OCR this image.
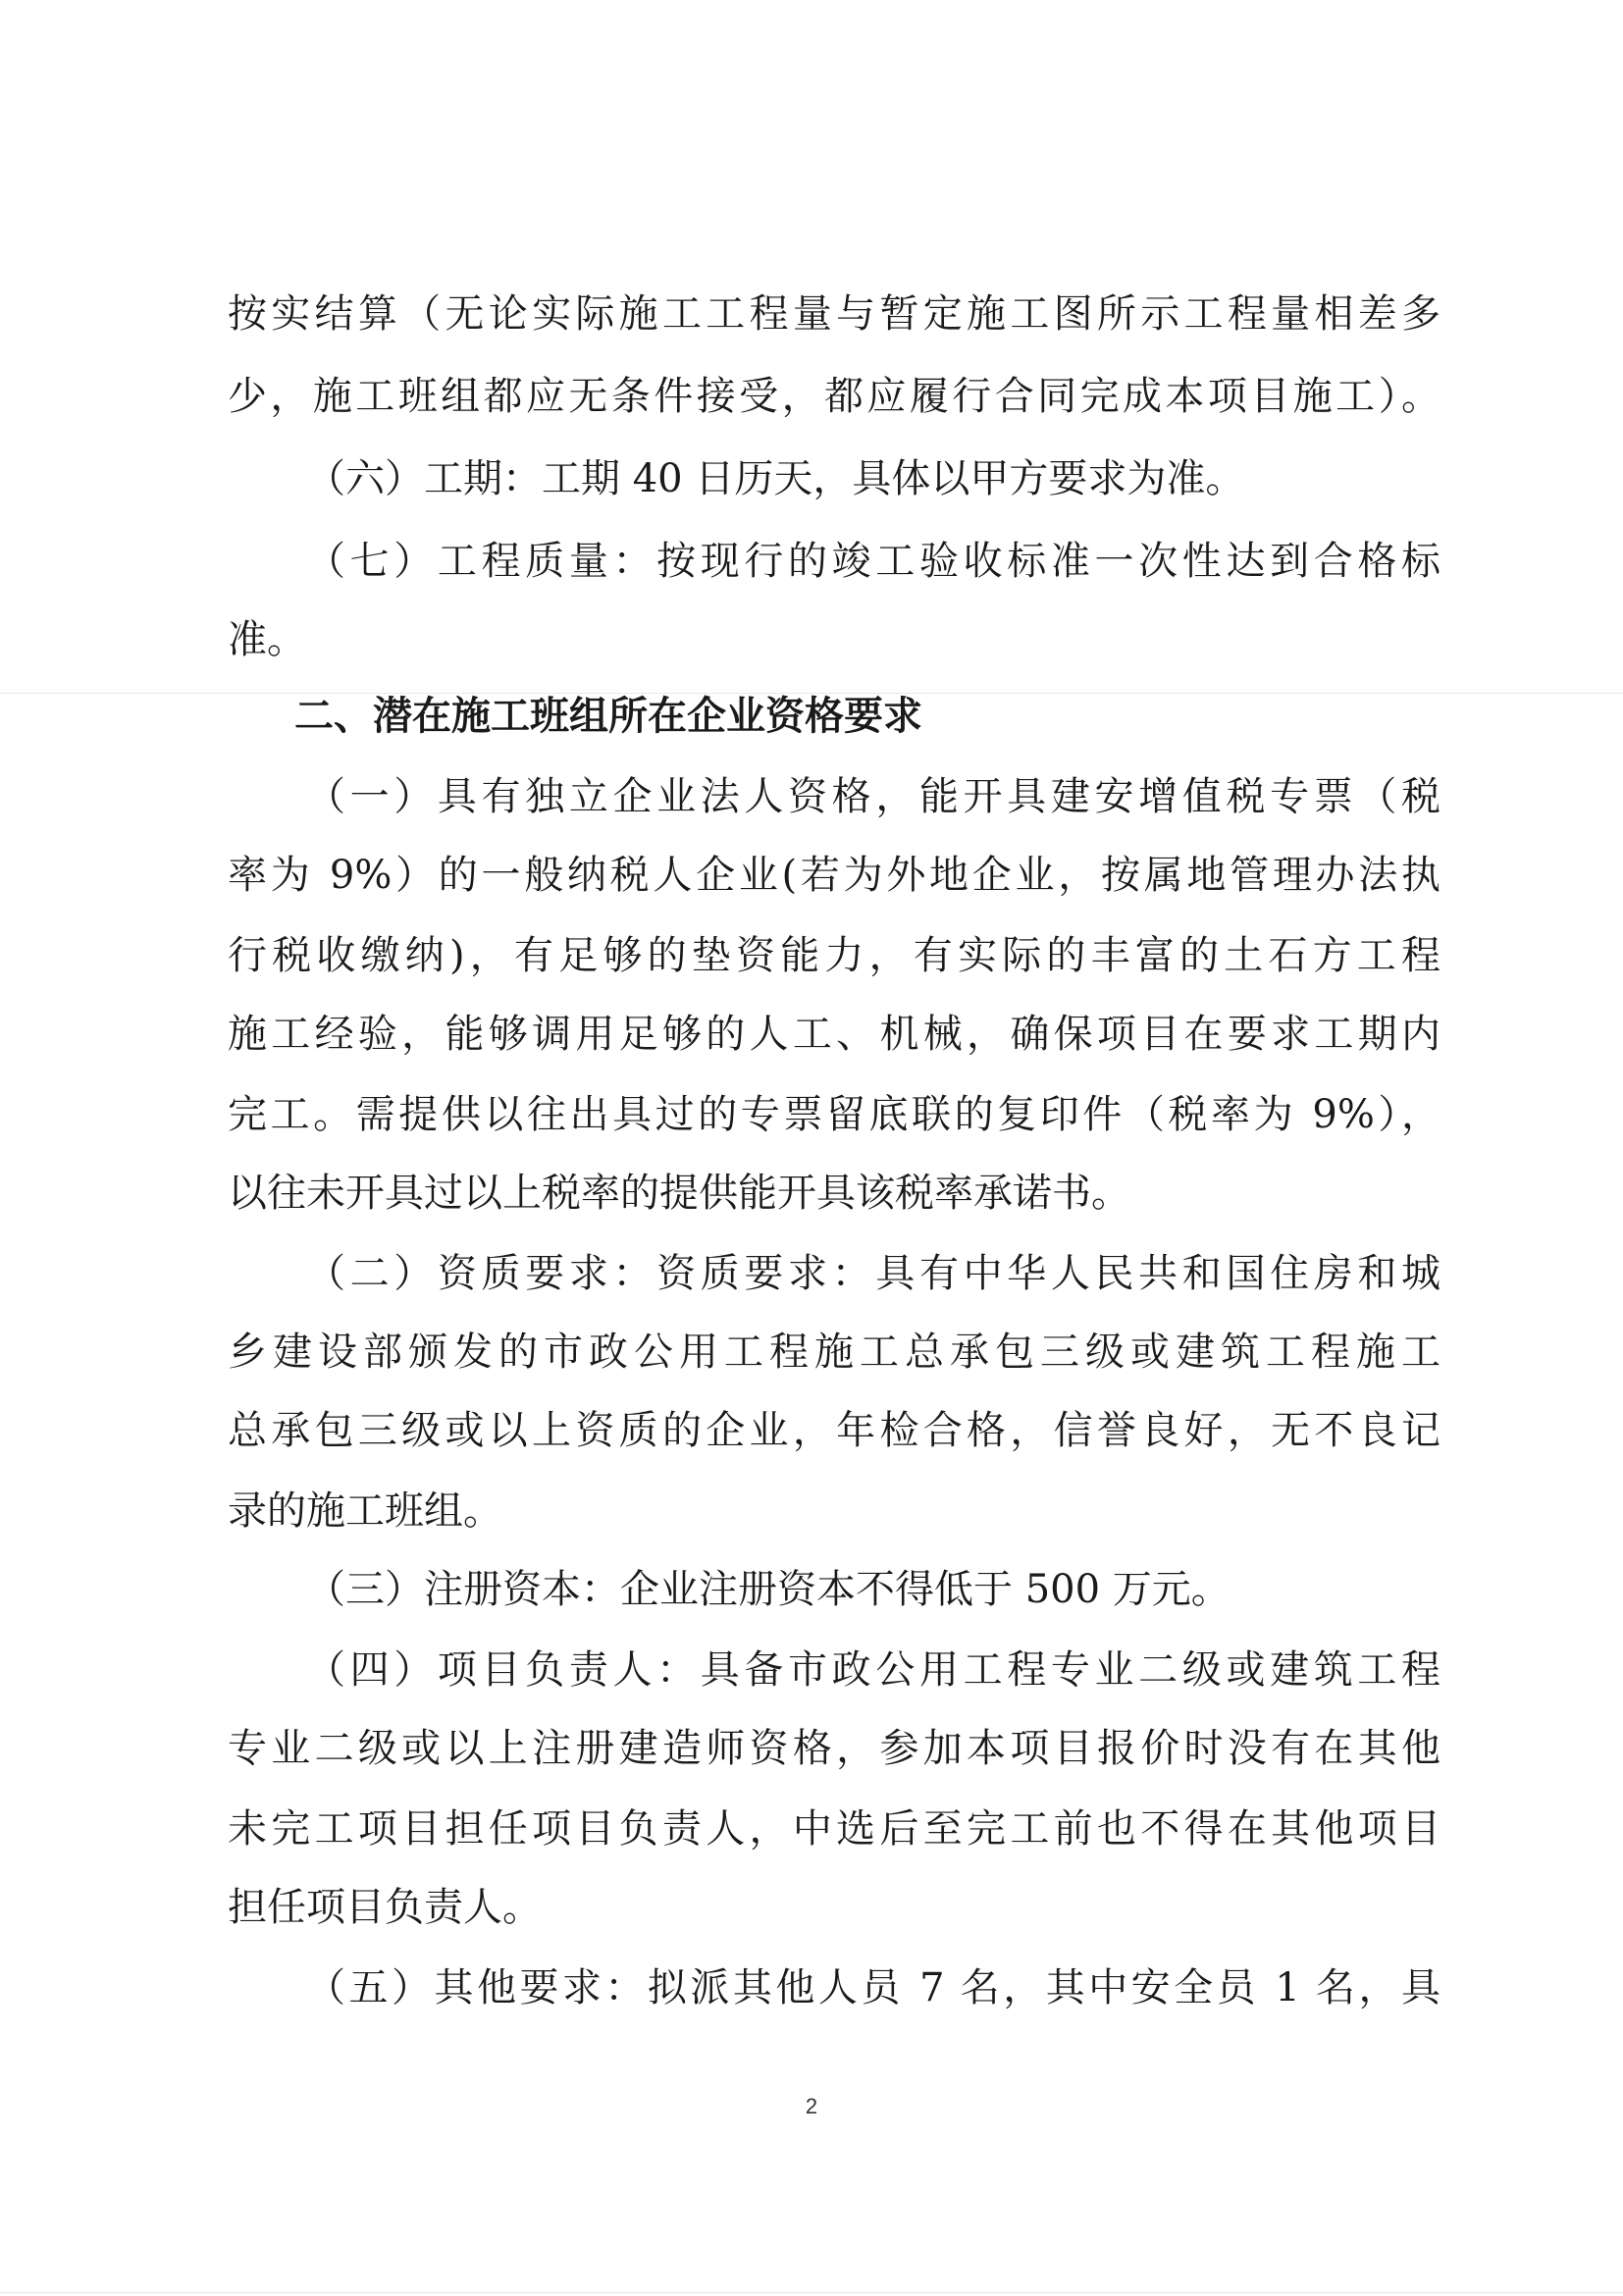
按实结算（无论实际施工工程量与暂定施工图所示工程量相差多
少，施工班组都应无条件接受，都应履行合同完成本项目施工）。
（六）工期：工期 40 日历天，具体以甲方要求为准。
（七）工程质量：按现行的竣工验收标准一次性达到合格标
准。
二、潜在施工班组所在企业资格要求
（一）具有独立企业法人资格，能开具建安增值税专票（税
率为 9%）的一般纳税人企业(若为外地企业，按属地管理办法执
行税收缴纳)，有足够的垫资能力，有实际的丰富的土石方工程
施工经验，能够调用足够的人工、机械，确保项目在要求工期内
完工。需提供以往出具过的专票留底联的复印件（税率为 9%），
以往未开具过以上税率的提供能开具该税率承诺书。
（二）资质要求：资质要求：具有中华人民共和国住房和城
乡建设部颁发的市政公用工程施工总承包三级或建筑工程施工
总承包三级或以上资质的企业，年检合格，信誉良好，无不良记
录的施工班组。
（三）注册资本：企业注册资本不得低于 500 万元。
（四）项目负责人：具备市政公用工程专业二级或建筑工程
专业二级或以上注册建造师资格，参加本项目报价时没有在其他
未完工项目担任项目负责人，中选后至完工前也不得在其他项目
担任项目负责人。
（五）其他要求：拟派其他人员 7 名，其中安全员 1 名，具
2
